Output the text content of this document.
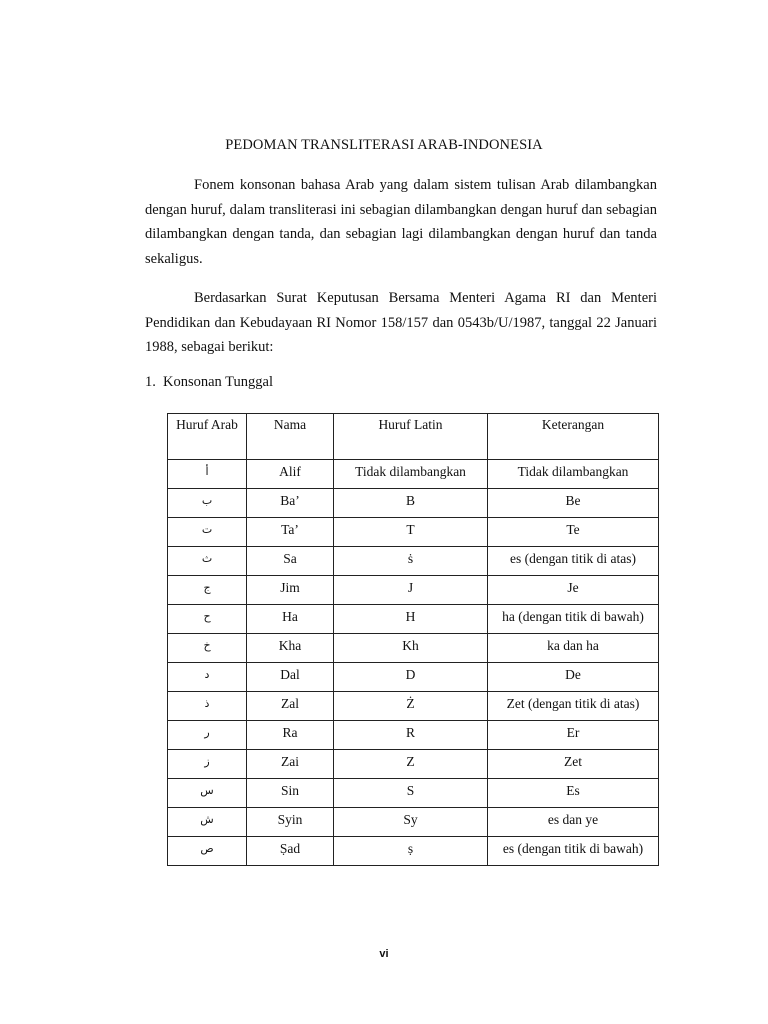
PEDOMAN TRANSLITERASI ARAB-INDONESIA

Fonem konsonan bahasa Arab yang dalam sistem tulisan Arab dilambangkan dengan huruf, dalam transliterasi ini sebagian dilambangkan dengan huruf dan sebagian dilambangkan dengan tanda, dan sebagian lagi dilambangkan dengan huruf dan tanda sekaligus.

Berdasarkan Surat Keputusan Bersama Menteri Agama RI dan Menteri Pendidikan dan Kebudayaan RI Nomor 158/157 dan 0543b/U/1987, tanggal 22 Januari 1988, sebagai berikut:

1. Konsonan Tunggal
Huruf Arab	Nama	Huruf Latin	Keterangan
أ	Alif	Tidak dilambangkan	Tidak dilambangkan
ب	Ba’	B	Be
ت	Ta’	T	Te
ث	Sa	ṡ	es (dengan titik di atas)
ج	Jim	J	Je
ح	Ha	H	ha (dengan titik di bawah)
خ	Kha	Kh	ka dan ha
د	Dal	D	De
ذ	Zal	Ż	Zet (dengan titik di atas)
ر	Ra	R	Er
ز	Zai	Z	Zet
س	Sin	S	Es
ش	Syin	Sy	es dan ye
ص	Ṣad	ṣ	es (dengan titik di bawah)
vi
